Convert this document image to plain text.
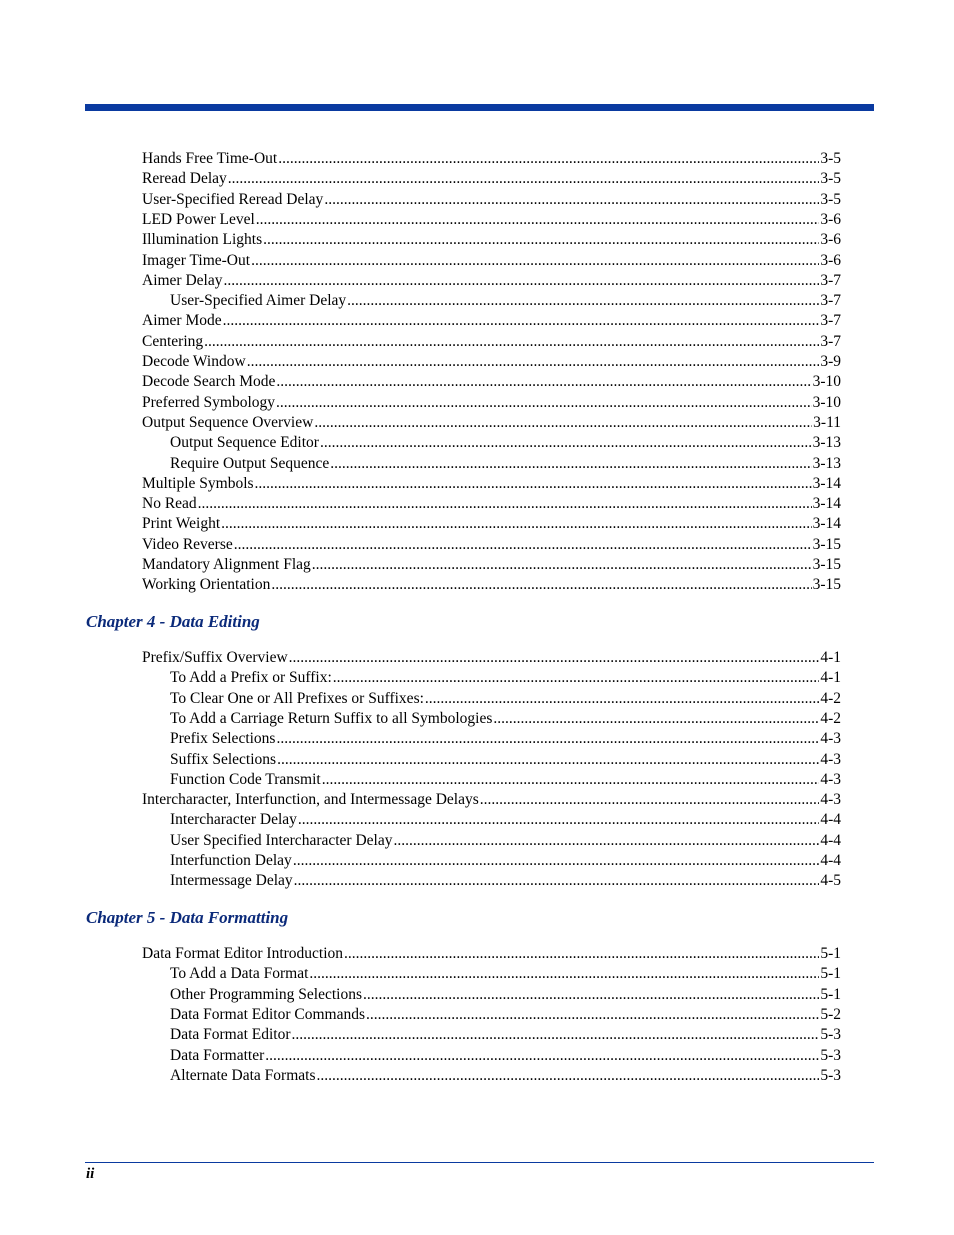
Hands Free Time-Out .....	3-5
Reread Delay .....	3-5
User-Specified Reread Delay .....	3-5
LED Power Level .....	3-6
Illumination Lights .....	3-6
Imager Time-Out .....	3-6
Aimer Delay .....	3-7
User-Specified Aimer Delay .....	3-7
Aimer Mode .....	3-7
Centering .....	3-7
Decode Window .....	3-9
Decode Search Mode .....	3-10
Preferred Symbology .....	3-10
Output Sequence Overview .....	3-11
Output Sequence Editor .....	3-13
Require Output Sequence .....	3-13
Multiple Symbols .....	3-14
No Read .....	3-14
Print Weight .....	3-14
Video Reverse .....	3-15
Mandatory Alignment Flag .....	3-15
Working Orientation .....	3-15
Chapter 4 - Data Editing
Prefix/Suffix Overview .....	4-1
To Add a Prefix or Suffix: .....	4-1
To Clear One or All Prefixes or Suffixes: .....	4-2
To Add a Carriage Return Suffix to all Symbologies .....	4-2
Prefix Selections .....	4-3
Suffix Selections .....	4-3
Function Code Transmit .....	4-3
Intercharacter, Interfunction, and Intermessage Delays .....	4-3
Intercharacter Delay .....	4-4
User Specified Intercharacter Delay .....	4-4
Interfunction Delay .....	4-4
Intermessage Delay .....	4-5
Chapter 5 - Data Formatting
Data Format Editor Introduction .....	5-1
To Add a Data Format .....	5-1
Other Programming Selections .....	5-1
Data Format Editor Commands .....	5-2
Data Format Editor .....	5-3
Data Formatter .....	5-3
Alternate Data Formats .....	5-3
ii
